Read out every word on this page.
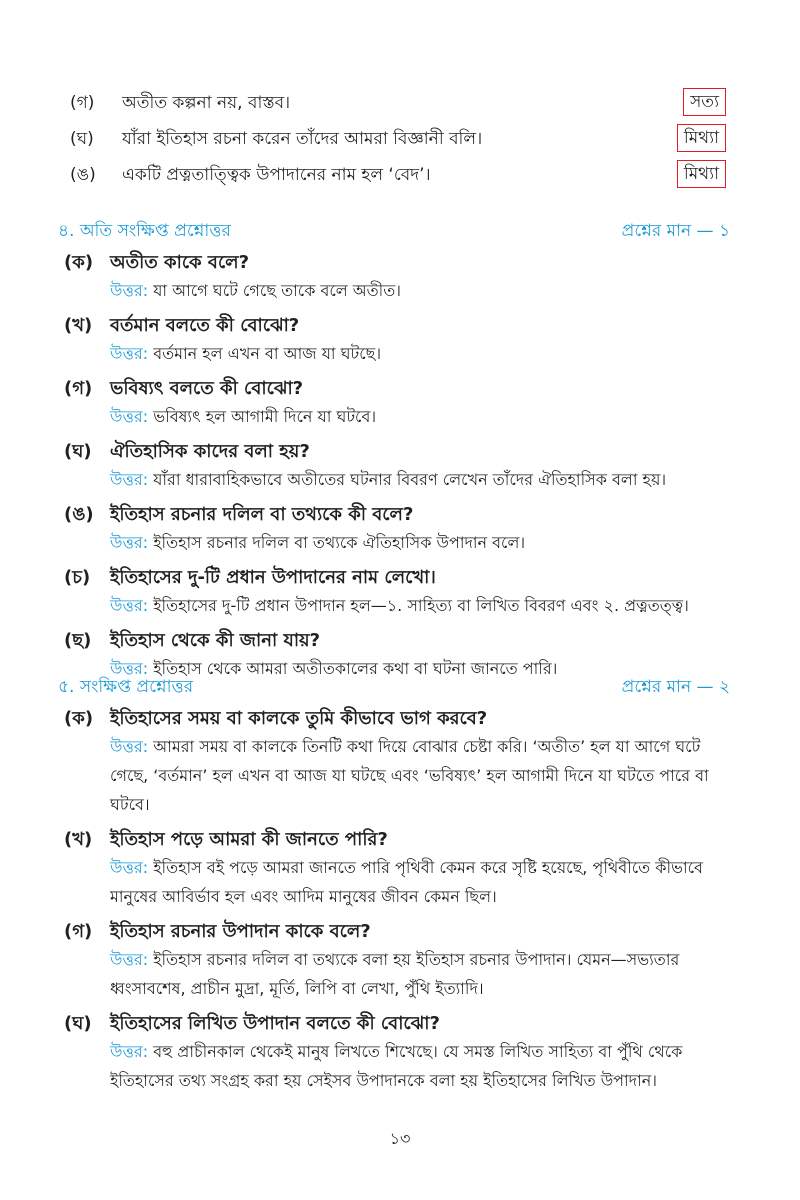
(গ)	অতীত কল্পনা নয়, বাস্তব।	সত্য
(ঘ)	যাঁরা ইতিহাস রচনা করেন তাঁদের আমরা বিজ্ঞানী বলি।	মিথ্যা
(ঙ)	একটি প্রত্নতাত্ত্বিক উপাদানের নাম হল ‘বেদ’।	মিথ্যা
৪. অতি সংক্ষিপ্ত প্রশ্নোত্তর	প্রশ্নের মান — ১
(ক) অতীত কাকে বলে?
উত্তর: যা আগে ঘটে গেছে তাকে বলে অতীত।
(খ) বর্তমান বলতে কী বোঝো?
উত্তর: বর্তমান হল এখন বা আজ যা ঘটছে।
(গ) ভবিষ্যৎ বলতে কী বোঝো?
উত্তর: ভবিষ্যৎ হল আগামী দিনে যা ঘটবে।
(ঘ)	ঐতিহাসিক কাদের বলা হয়?
উত্তর: যাঁরা ধারাবাহিকভাবে অতীতের ঘটনার বিবরণ লেখেন তাঁদের ঐতিহাসিক বলা হয়।
(ঙ) ইতিহাস রচনার দলিল বা তথ্যকে কী বলে?
উত্তর: ইতিহাস রচনার দলিল বা তথ্যকে ঐতিহাসিক উপাদান বলে।
(চ)	ইতিহাসের দু-টি প্রধান উপাদানের নাম লেখো।
উত্তর: ইতিহাসের দু-টি প্রধান উপাদান হল—১. সাহিত্য বা লিখিত বিবরণ এবং ২. প্রত্নতত্ত্ব।
(ছ)	ইতিহাস থেকে কী জানা যায়?
উত্তর: ইতিহাস থেকে আমরা অতীতকালের কথা বা ঘটনা জানতে পারি।
৫. সংক্ষিপ্ত প্রশ্নোত্তর	প্রশ্নের মান — ২
(ক) ইতিহাসের সময় বা কালকে তুমি কীভাবে ভাগ করবে?
উত্তর: আমরা সময় বা কালকে তিনটি কথা দিয়ে বোঝার চেষ্টা করি। ‘অতীত’ হল যা আগে ঘটে গেছে, ‘বর্তমান’ হল এখন বা আজ যা ঘটছে এবং ‘ভবিষ্যৎ’ হল আগামী দিনে যা ঘটতে পারে বা ঘটবে।
(খ) ইতিহাস পড়ে আমরা কী জানতে পারি?
উত্তর: ইতিহাস বই পড়ে আমরা জানতে পারি পৃথিবী কেমন করে সৃষ্টি হয়েছে, পৃথিবীতে কীভাবে মানুষের আবির্ভাব হল এবং আদিম মানুষের জীবন কেমন ছিল।
(গ) ইতিহাস রচনার উপাদান কাকে বলে?
উত্তর: ইতিহাস রচনার দলিল বা তথ্যকে বলা হয় ইতিহাস রচনার উপাদান। যেমন—সভ্যতার ধ্বংসাবশেষ, প্রাচীন মুদ্রা, মূর্তি, লিপি বা লেখা, পুঁথি ইত্যাদি।
(ঘ)	ইতিহাসের লিখিত উপাদান বলতে কী বোঝো?
উত্তর: বহু প্রাচীনকাল থেকেই মানুষ লিখতে শিখেছে। যে সমস্ত লিখিত সাহিত্য বা পুঁথি থেকে ইতিহাসের তথ্য সংগ্রহ করা হয় সেইসব উপাদানকে বলা হয় ইতিহাসের লিখিত উপাদান।
১৩
